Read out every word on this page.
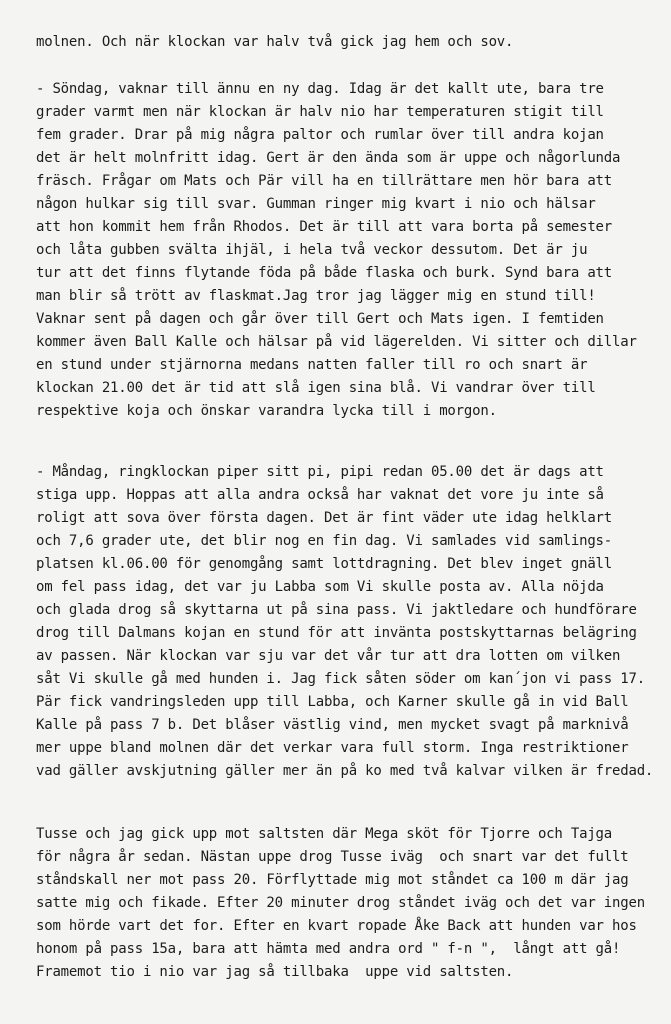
molnen. Och när klockan var halv två gick jag hem och sov.
- Söndag, vaknar till ännu en ny dag. Idag är det kallt ute, bara tre
grader varmt men när klockan är halv nio har temperaturen stigit till
fem grader. Drar på mig några paltor och rumlar över till andra kojan
det är helt molnfritt idag. Gert är den ända som är uppe och någorlunda
fräsch. Frågar om Mats och Pär vill ha en tillrättare men hör bara att
någon hulkar sig till svar. Gumman ringer mig kvart i nio och hälsar
att hon kommit hem från Rhodos. Det är till att vara borta på semester
och låta gubben svälta ihjäl, i hela två veckor dessutom. Det är ju
tur att det finns flytande föda på både flaska och burk. Synd bara att
man blir så trött av flaskmat.Jag tror jag lägger mig en stund till!
Vaknar sent på dagen och går över till Gert och Mats igen. I femtiden
kommer även Ball Kalle och hälsar på vid lägerelden. Vi sitter och dillar
en stund under stjärnorna medans natten faller till ro och snart är
klockan 21.00 det är tid att slå igen sina blå. Vi vandrar över till
respektive koja och önskar varandra lycka till i morgon.
- Måndag, ringklockan piper sitt pi, pipi redan 05.00 det är dags att
stiga upp. Hoppas att alla andra också har vaknat det vore ju inte så
roligt att sova över första dagen. Det är fint väder ute idag helklart
och 7,6 grader ute, det blir nog en fin dag. Vi samlades vid samlings-
platsen kl.06.00 för genomgång samt lottdragning. Det blev inget gnäll
om fel pass idag, det var ju Labba som Vi skulle posta av. Alla nöjda
och glada drog så skyttarna ut på sina pass. Vi jaktledare och hundförare
drog till Dalmans kojan en stund för att invänta postskyttarnas belägring
av passen. När klockan var sju var det vår tur att dra lotten om vilken
såt Vi skulle gå med hunden i. Jag fick såten söder om kan´jon vi pass 17.
Pär fick vandringsleden upp till Labba, och Karner skulle gå in vid Ball
Kalle på pass 7 b. Det blåser västlig vind, men mycket svagt på marknivå
mer uppe bland molnen där det verkar vara full storm. Inga restriktioner
vad gäller avskjutning gäller mer än på ko med två kalvar vilken är fredad.
Tusse och jag gick upp mot saltsten där Mega sköt för Tjorre och Tajga
för några år sedan. Nästan uppe drog Tusse iväg  och snart var det fullt
ståndskall ner mot pass 20. Förflyttade mig mot ståndet ca 100 m där jag
satte mig och fikade. Efter 20 minuter drog ståndet iväg och det var ingen
som hörde vart det for. Efter en kvart ropade Åke Back att hunden var hos
honom på pass 15a, bara att hämta med andra ord " f-n ",  långt att gå!
Framemot tio i nio var jag så tillbaka  uppe vid saltsten.
